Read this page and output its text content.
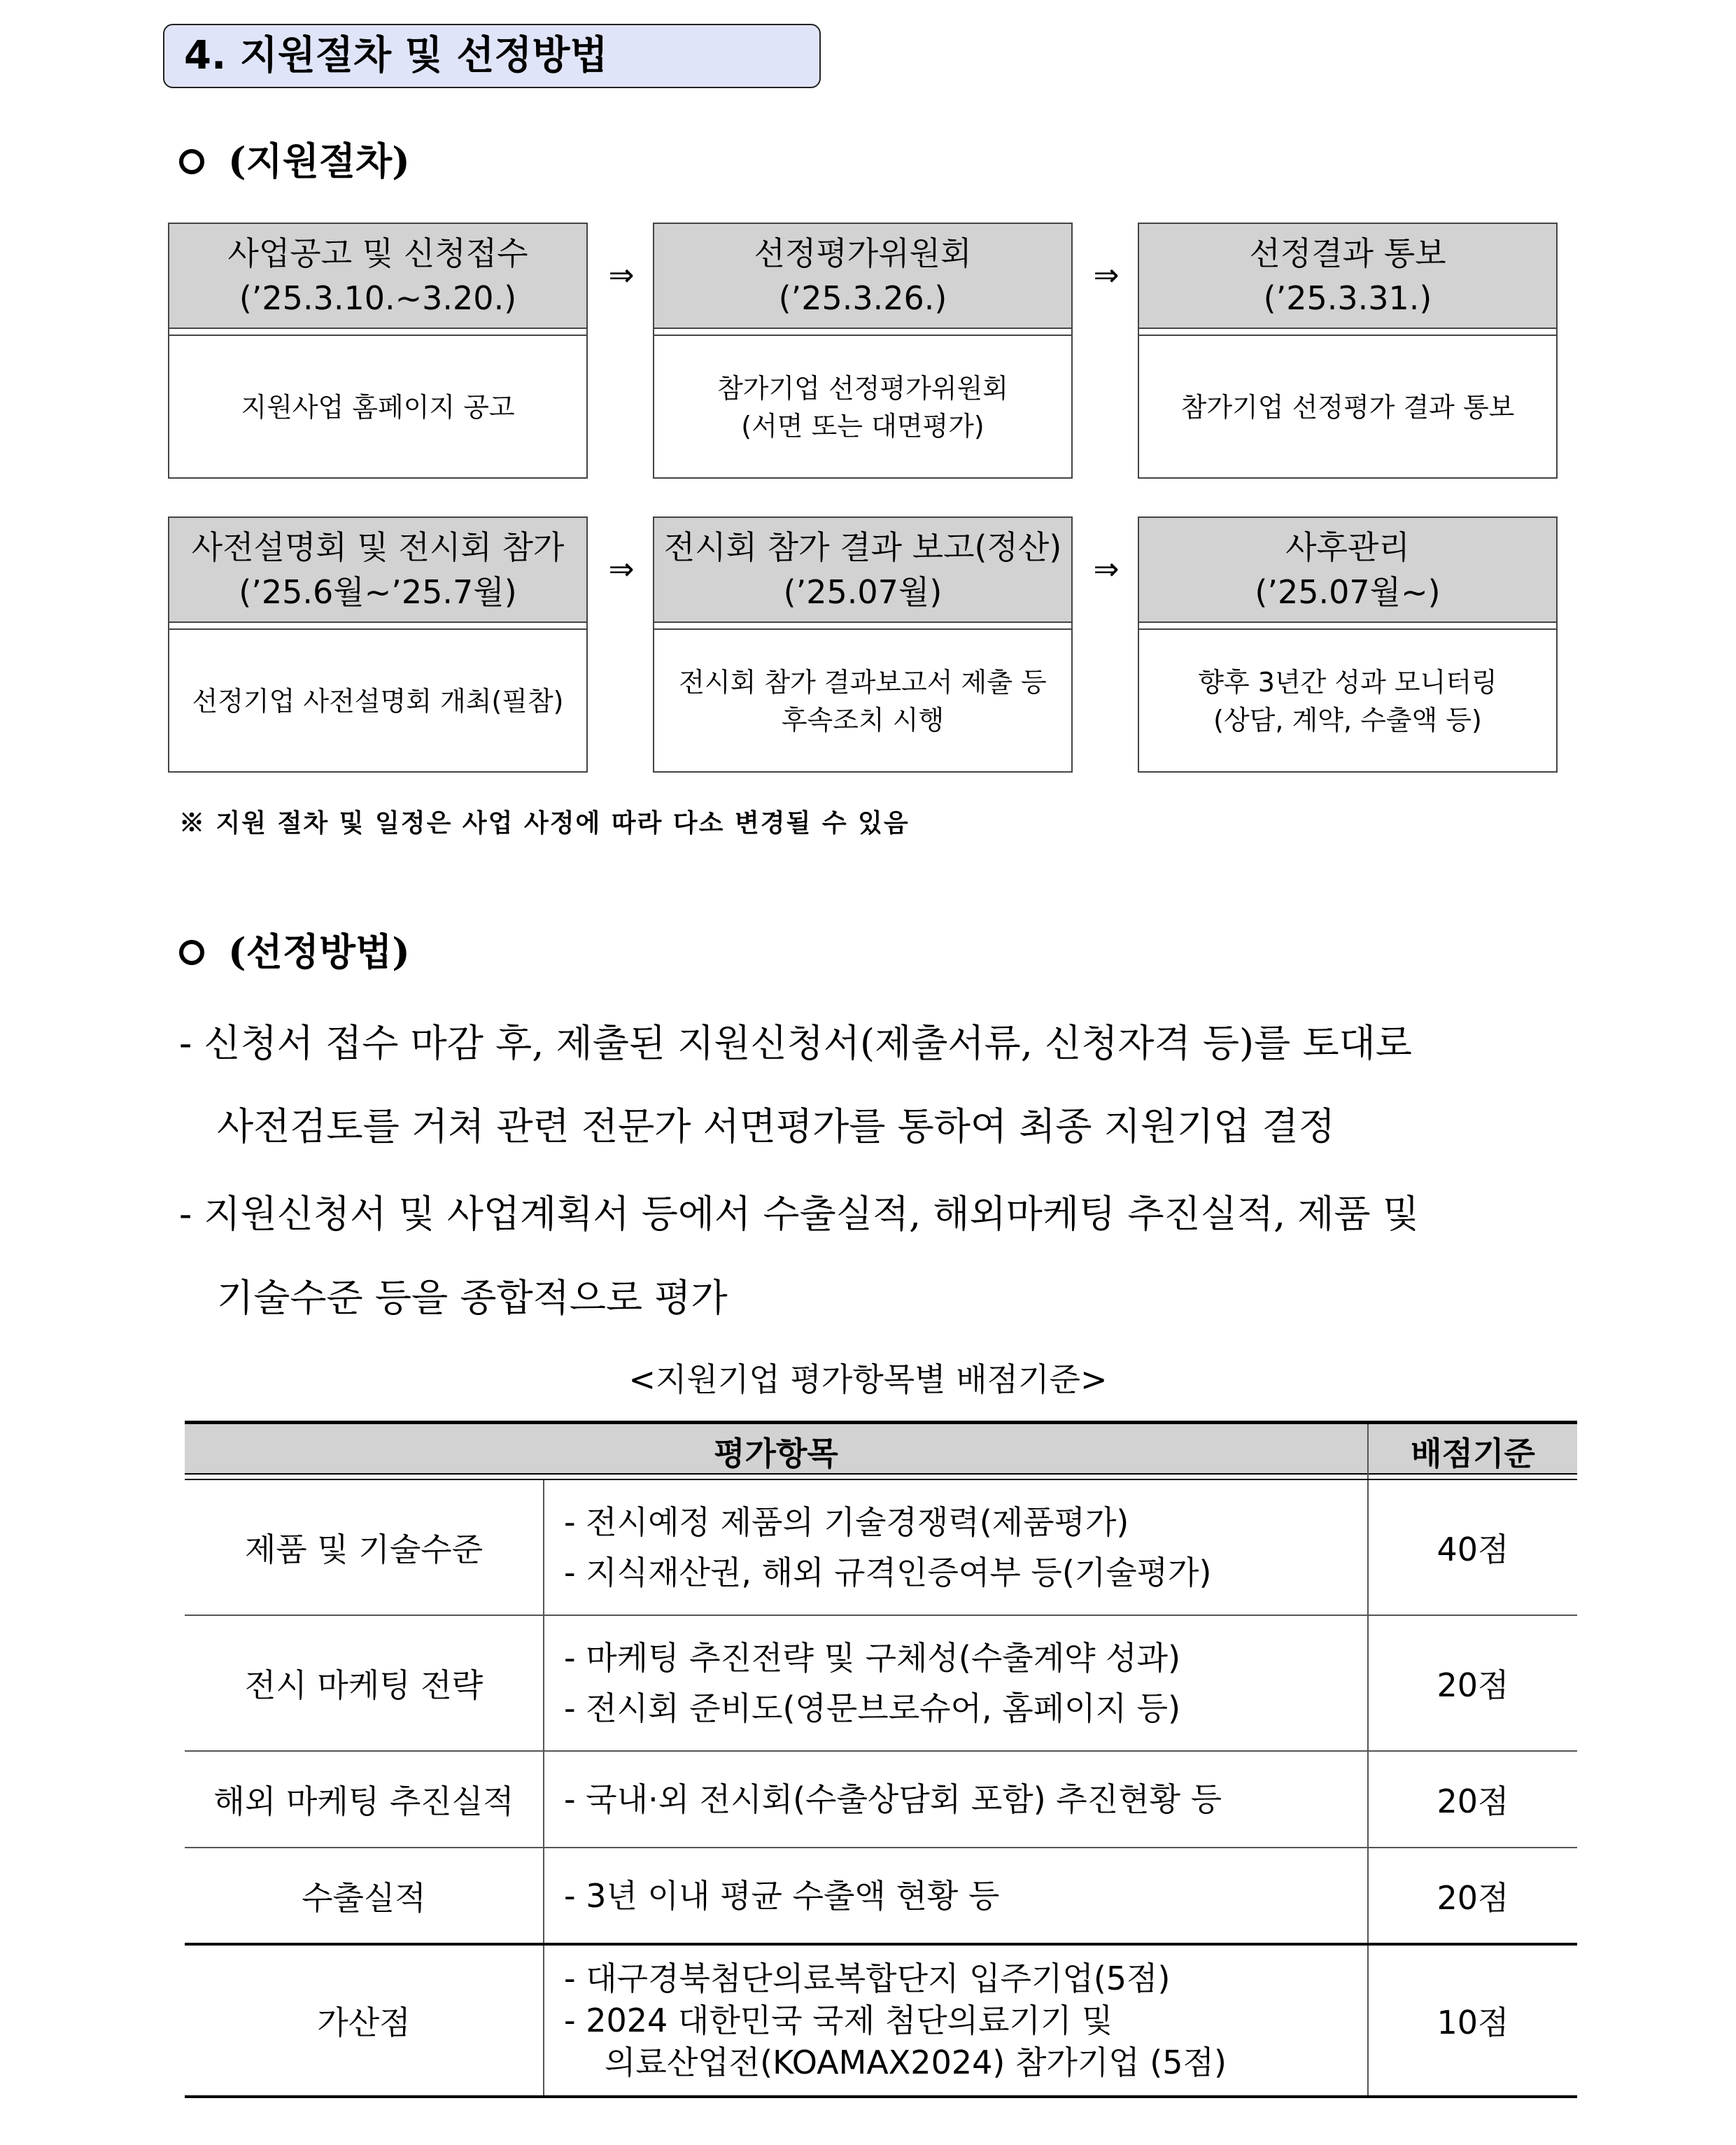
4. 지원절차 및 선정방법
(지원절차)
사업공고 및 신청접수
(’25.3.10.~3.20.)
지원사업 홈페이지 공고
⇒
선정평가위원회
(’25.3.26.)
참가기업 선정평가위원회
(서면 또는 대면평가)
⇒
선정결과 통보
(’25.3.31.)
참가기업 선정평가 결과 통보
사전설명회 및 전시회 참가
(’25.6월~’25.7월)
선정기업 사전설명회 개최(필참)
⇒
전시회 참가 결과 보고(정산)
(’25.07월)
전시회 참가 결과보고서 제출 등
후속조치 시행
⇒
사후관리
(’25.07월~)
향후 3년간 성과 모니터링
(상담, 계약, 수출액 등)
※ 지원 절차 및 일정은 사업 사정에 따라 다소 변경될 수 있음
(선정방법)
- 신청서 접수 마감 후, 제출된 지원신청서(제출서류, 신청자격 등)를 토대로
사전검토를 거쳐 관련 전문가 서면평가를 통하여 최종 지원기업 결정
- 지원신청서 및 사업계획서 등에서 수출실적, 해외마케팅 추진실적, 제품 및
기술수준 등을 종합적으로 평가
<지원기업 평가항목별 배점기준>
평가항목		배점기준
제품 및 기술수준	- 전시예정 제품의 기술경쟁력(제품평가)
- 지식재산권, 해외 규격인증여부 등(기술평가)	40점
전시 마케팅 전략	- 마케팅 추진전략 및 구체성(수출계약 성과)
- 전시회 준비도(영문브로슈어, 홈페이지 등)	20점
해외 마케팅 추진실적	- 국내·외 전시회(수출상담회 포함) 추진현황 등	20점
수출실적	- 3년 이내 평균 수출액 현황 등	20점
가산점	- 대구경북첨단의료복합단지 입주기업(5점)
- 2024 대한민국 국제 첨단의료기기 및
의료산업전(KOAMAX2024) 참가기업 (5점)	10점
